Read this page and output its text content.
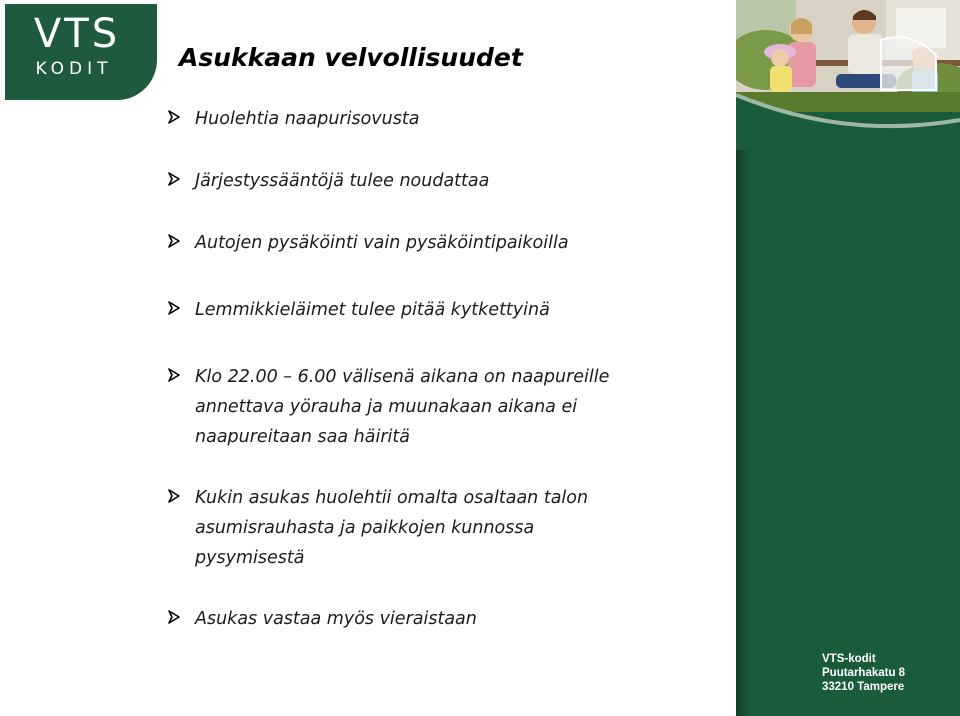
VTS
KODIT	Asukkaan velvollisuudet
Huolehtia naapurisovusta
Järjestyssääntöjä tulee noudattaa
Autojen pysäköinti vain pysäköintipaikoilla
Lemmikkieläimet tulee pitää kytkettyinä
Klo 22.00 – 6.00 välisenä aikana on naapureille
annettava yörauha ja muunakaan aikana ei
naapureitaan saa häiritä
Kukin asukas huolehtii omalta osaltaan talon
asumisrauhasta ja paikkojen kunnossa
pysymisestä
Asukas vastaa myös vieraistaan
VTS-kodit
Puutarhakatu 8
33210 Tampere
